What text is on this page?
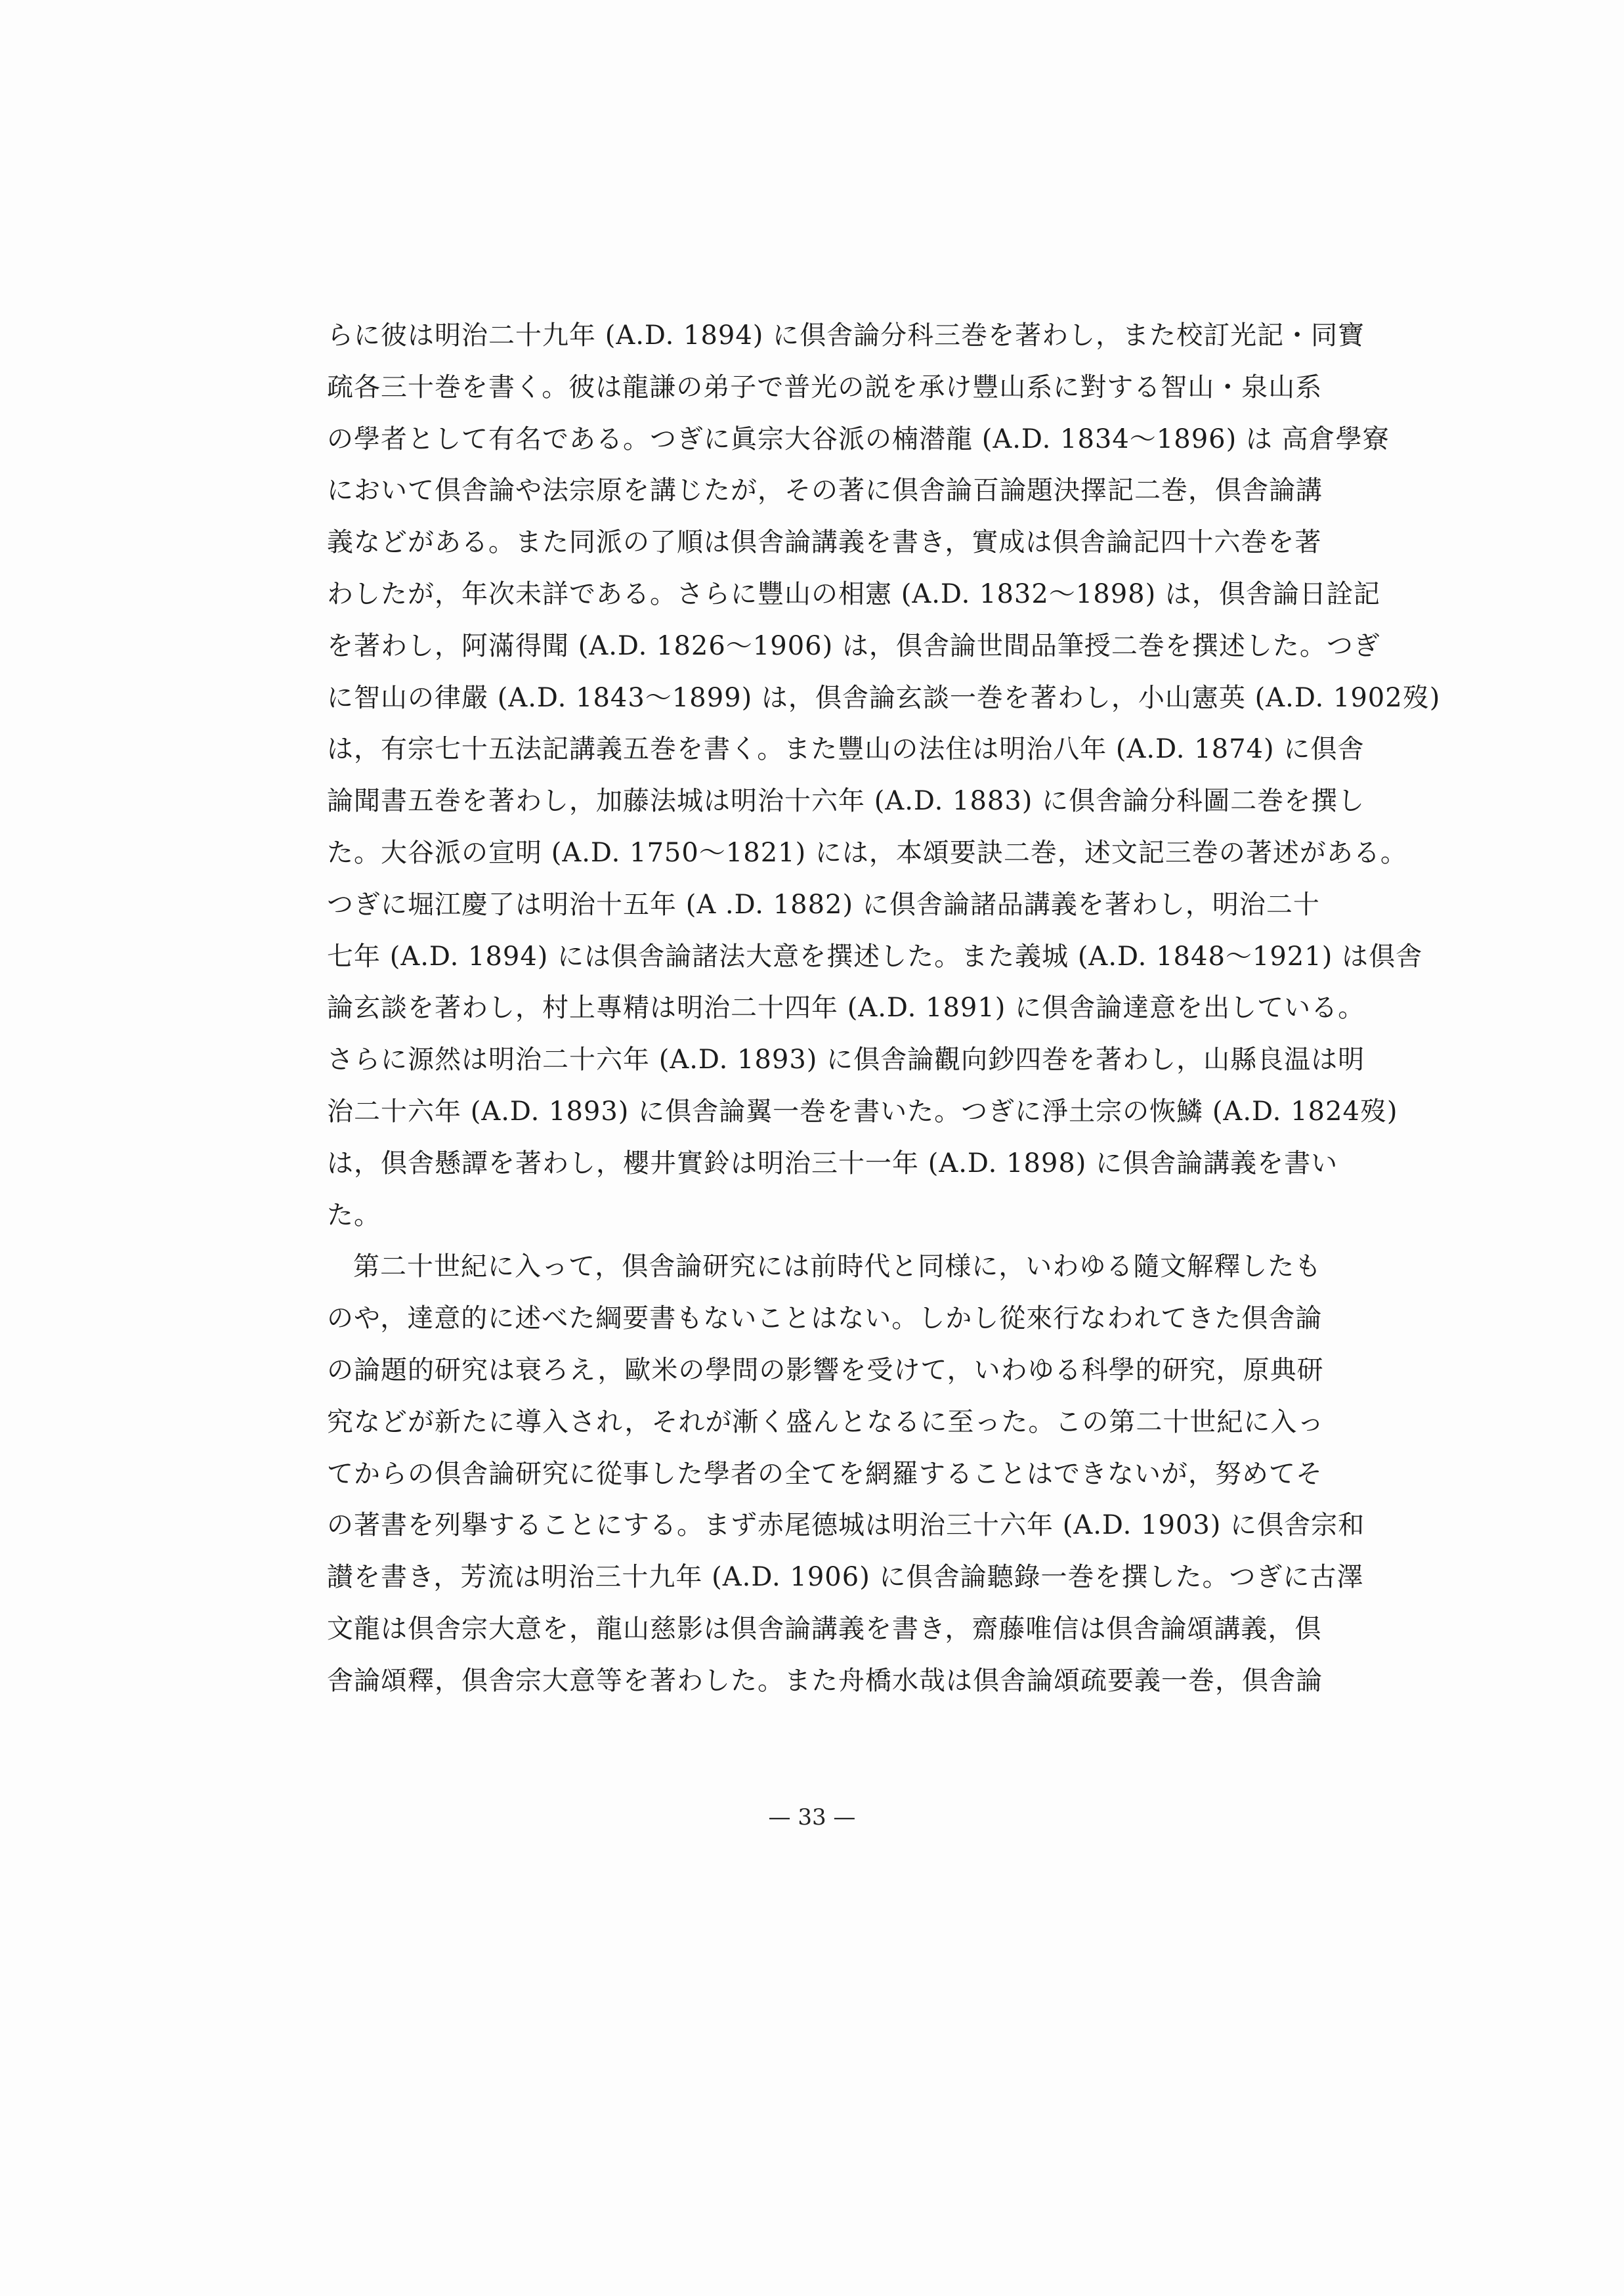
らに彼は明治二十九年 (A.D. 1894) に倶舎論分科三巻を著わし，また校訂光記・同寶
疏各三十巻を書く。彼は龍謙の弟子で普光の説を承け豐山系に對する智山・泉山系
の學者として有名である。つぎに眞宗大谷派の楠潜龍 (A.D. 1834〜1896) は 高倉學寮
において倶舎論や法宗原を講じたが，その著に倶舎論百論題決擇記二巻，倶舎論講
義などがある。また同派の了順は倶舎論講義を書き，實成は倶舎論記四十六巻を著
わしたが，年次未詳である。さらに豐山の相憲 (A.D. 1832〜1898) は，倶舎論日詮記
を著わし，阿滿得聞 (A.D. 1826〜1906) は，倶舎論世間品筆授二巻を撰述した。つぎ
に智山の律嚴 (A.D. 1843〜1899) は，倶舎論玄談一巻を著わし，小山憲英 (A.D. 1902歿)
は，有宗七十五法記講義五巻を書く。また豐山の法住は明治八年 (A.D. 1874) に倶舎
論聞書五巻を著わし，加藤法城は明治十六年 (A.D. 1883) に倶舎論分科圖二巻を撰し
た。大谷派の宣明 (A.D. 1750〜1821) には，本頌要訣二巻，述文記三巻の著述がある。
つぎに堀江慶了は明治十五年 (A .D. 1882) に倶舎論諸品講義を著わし，明治二十
七年 (A.D. 1894) には倶舎論諸法大意を撰述した。また義城 (A.D. 1848〜1921) は倶舎
論玄談を著わし，村上專精は明治二十四年 (A.D. 1891) に倶舎論達意を出している。
さらに源然は明治二十六年 (A.D. 1893) に倶舎論觀向鈔四巻を著わし，山縣良温は明
治二十六年 (A.D. 1893) に倶舎論翼一巻を書いた。つぎに淨土宗の恢鱗 (A.D. 1824歿)
は，倶舎懸譚を著わし，櫻井實鈴は明治三十一年 (A.D. 1898) に倶舎論講義を書い
た。
第二十世紀に入って，倶舎論研究には前時代と同様に，いわゆる隨文解釋したも
のや，達意的に述べた綱要書もないことはない。しかし從來行なわれてきた倶舎論
の論題的研究は衰ろえ，歐米の學問の影響を受けて，いわゆる科學的研究，原典研
究などが新たに導入され，それが漸く盛んとなるに至った。この第二十世紀に入っ
てからの倶舎論研究に從事した學者の全てを網羅することはできないが，努めてそ
の著書を列擧することにする。まず赤尾德城は明治三十六年 (A.D. 1903) に倶舎宗和
讃を書き，芳流は明治三十九年 (A.D. 1906) に倶舎論聽錄一巻を撰した。つぎに古澤
文龍は倶舎宗大意を，龍山慈影は倶舎論講義を書き，齋藤唯信は倶舎論頌講義，倶
舎論頌釋，倶舎宗大意等を著わした。また舟橋水哉は倶舎論頌疏要義一巻，倶舎論
— 33 —
